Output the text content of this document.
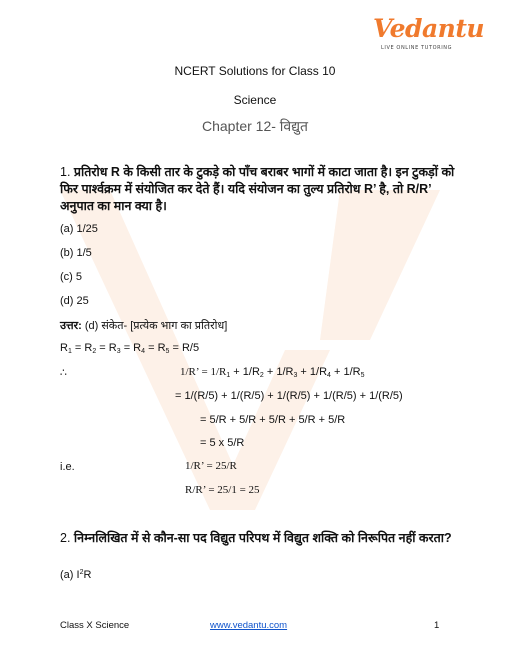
Vedantu
LIVE ONLINE TUTORING
NCERT Solutions for Class 10
Science
Chapter 12- विद्युत
1. प्रतिरोध R के किसी तार के टुकड़े को पाँच बराबर भागों में काटा जाता है। इन टुकड़ों को फिर पार्श्वक्रम में संयोजित कर देते हैं। यदि संयोजन का तुल्य प्रतिरोध R’ है, तो R/R’ अनुपात का मान क्या है।
(a) 1/25
(b) 1/5
(c) 5
(d) 25
उत्तर: (d) संकेत- [प्रत्येक भाग का प्रतिरोध]
$R_1 = R_2 = R_3 = R_4 = R_5 = R/5$
∴	1/R’ = $1/R_1 + 1/R_2 + 1/R_3 + 1/R_4 + 1/R_5$
= 1/(R/5) + 1/(R/5) + 1/(R/5) + 1/(R/5) + 1/(R/5)
= 5/R + 5/R + 5/R + 5/R + 5/R
= 5 x 5/R
i.e.	1/R’ = 25/R
R/R’ = 25/1 = 25
2. निम्नलिखित में से कौन-सा पद विद्युत परिपथ में विद्युत शक्ति को निरूपित नहीं करता?
(a) $I^2R$
Class X Science	www.vedantu.com	1
